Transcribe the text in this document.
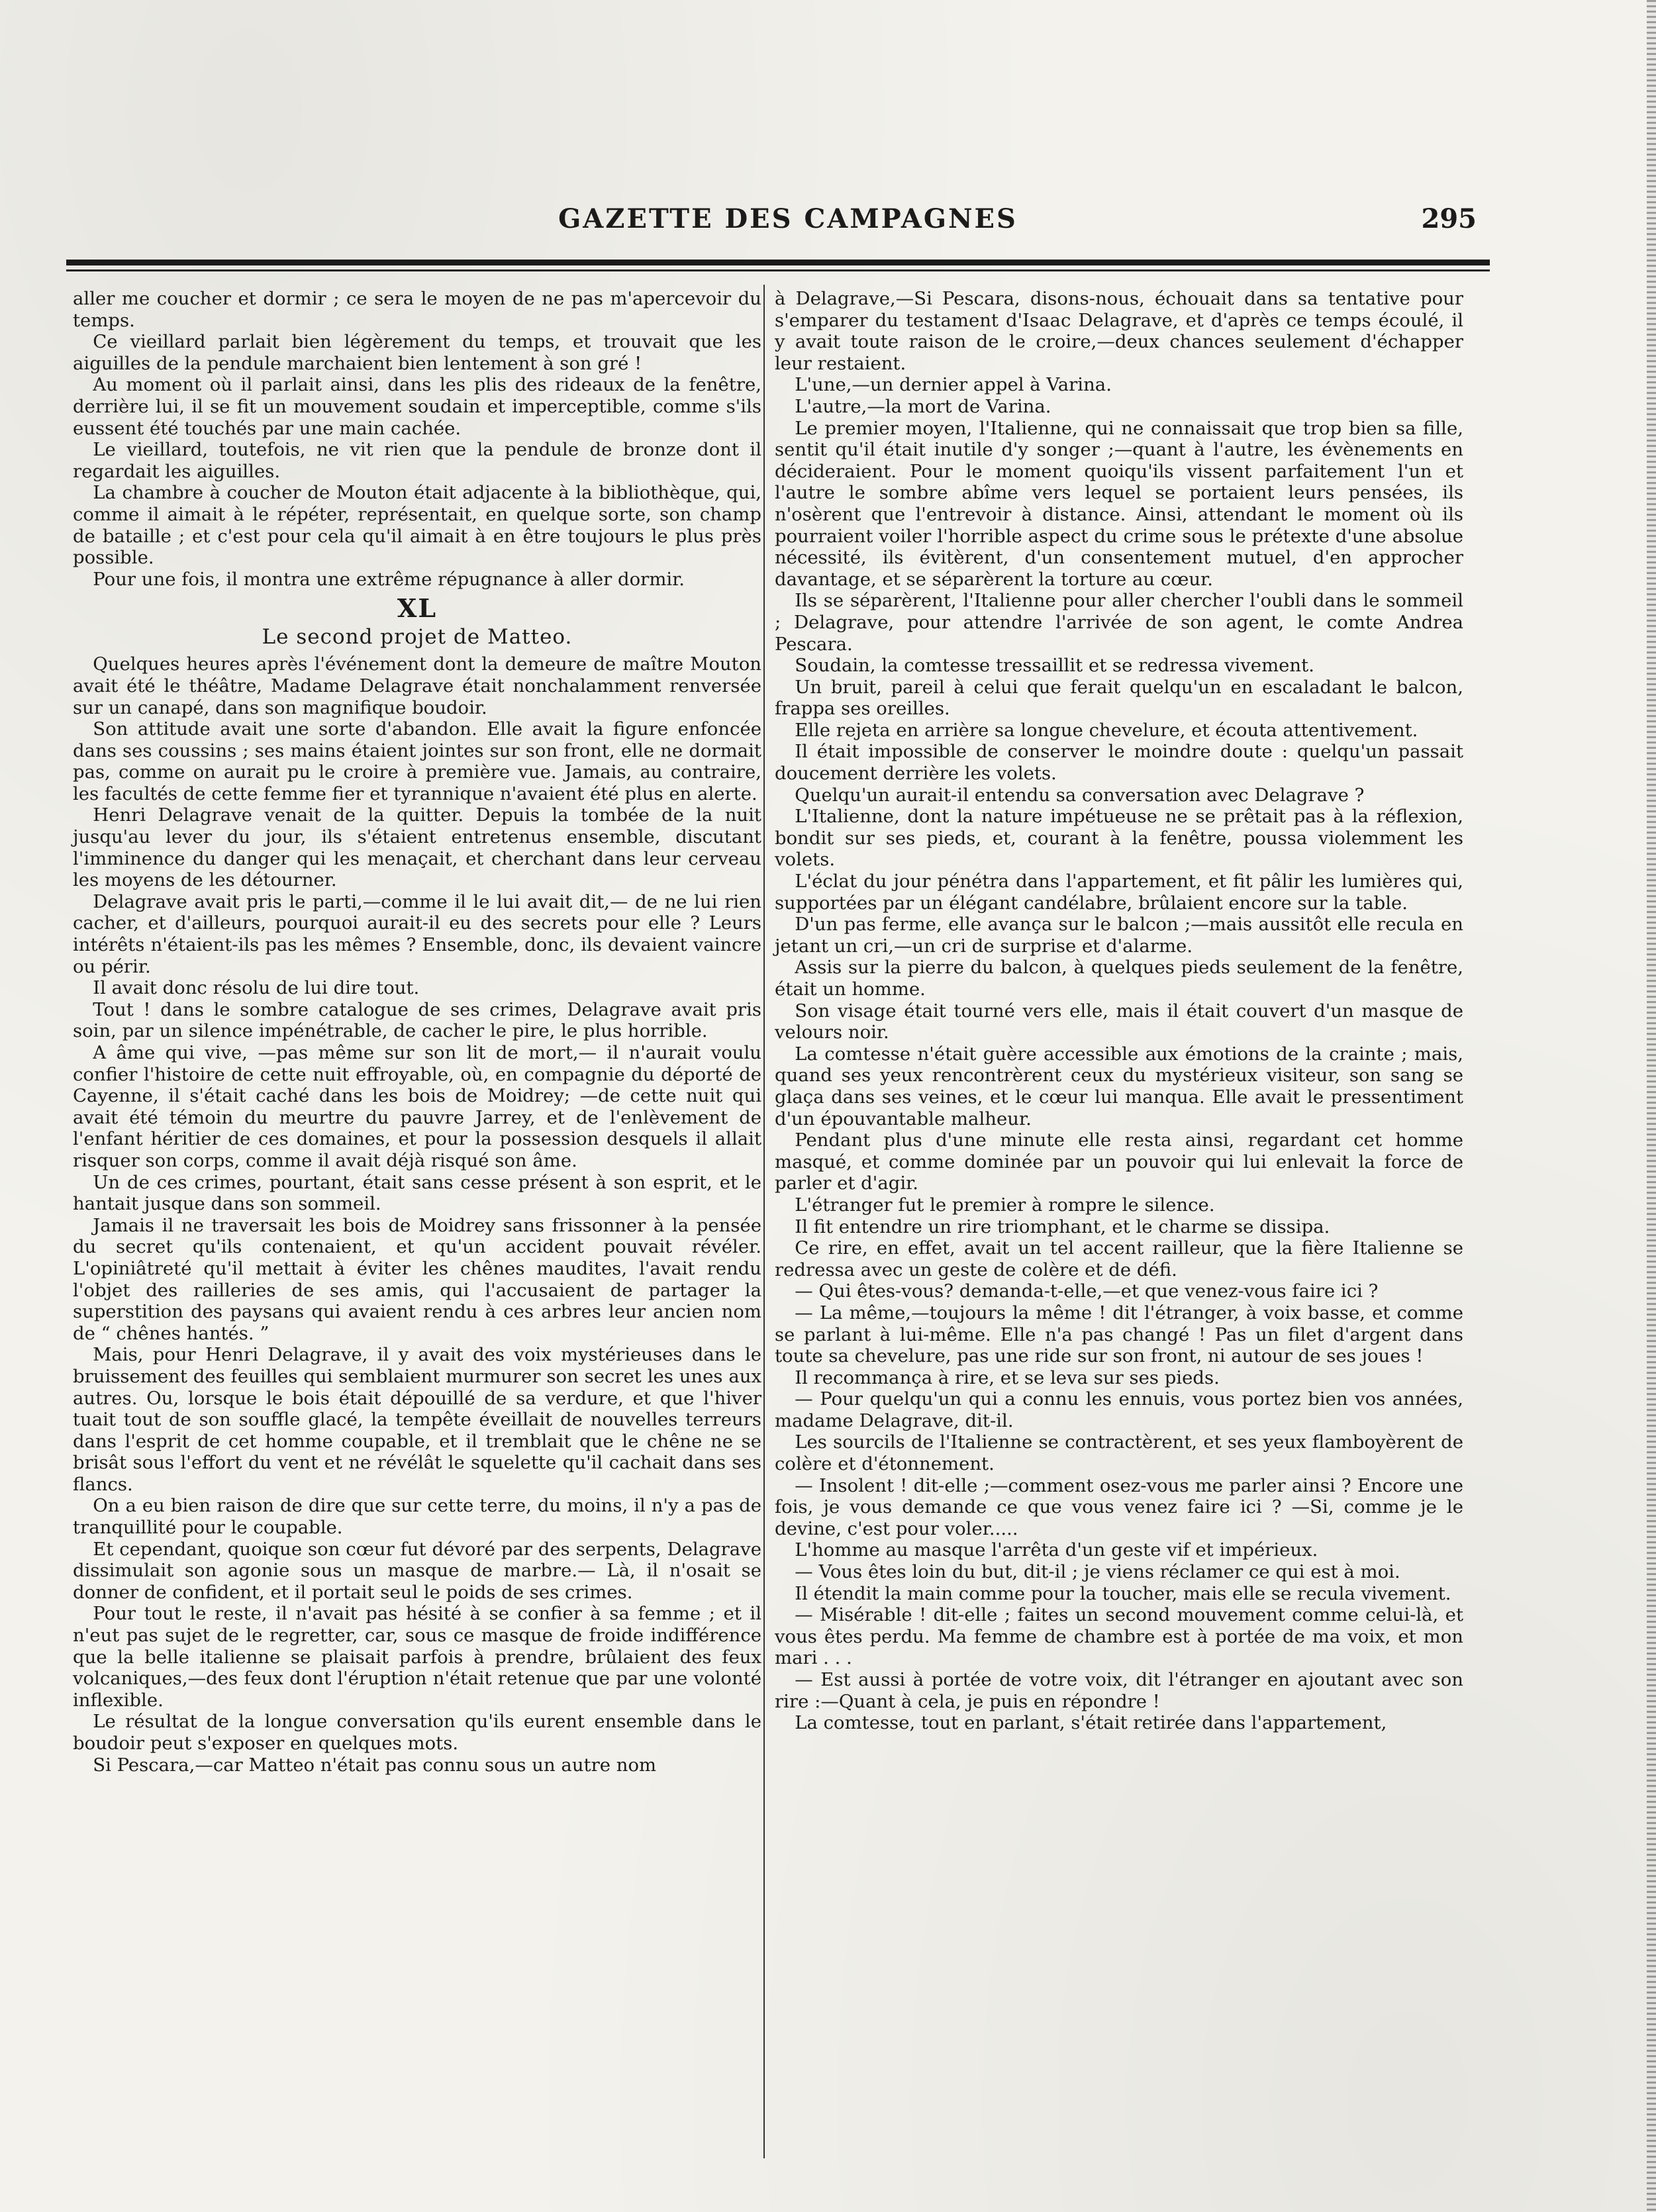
GAZETTE DES CAMPAGNES	295

aller me coucher et dormir ; ce sera le moyen de ne pas m'apercevoir du temps.

Ce vieillard parlait bien légèrement du temps, et trouvait que les aiguilles de la pendule marchaient bien lentement à son gré !

Au moment où il parlait ainsi, dans les plis des rideaux de la fenêtre, derrière lui, il se fit un mouvement soudain et imperceptible, comme s'ils eussent été touchés par une main cachée.

Le vieillard, toutefois, ne vit rien que la pendule de bronze dont il regardait les aiguilles.

La chambre à coucher de Mouton était adjacente à la bibliothèque, qui, comme il aimait à le répéter, représentait, en quelque sorte, son champ de bataille ; et c'est pour cela qu'il aimait à en être toujours le plus près possible.

Pour une fois, il montra une extrême répugnance à aller dormir.

XL
Le second projet de Matteo.

Quelques heures après l'événement dont la demeure de maître Mouton avait été le théâtre, Madame Delagrave était nonchalamment renversée sur un canapé, dans son magnifique boudoir.

Son attitude avait une sorte d'abandon. Elle avait la figure enfoncée dans ses coussins ; ses mains étaient jointes sur son front, elle ne dormait pas, comme on aurait pu le croire à première vue. Jamais, au contraire, les facultés de cette femme fier et tyrannique n'avaient été plus en alerte.

Henri Delagrave venait de la quitter. Depuis la tombée de la nuit jusqu'au lever du jour, ils s'étaient entretenus ensemble, discutant l'imminence du danger qui les menaçait, et cherchant dans leur cerveau les moyens de les détourner.

Delagrave avait pris le parti,—comme il le lui avait dit,— de ne lui rien cacher, et d'ailleurs, pourquoi aurait-il eu des secrets pour elle ? Leurs intérêts n'étaient-ils pas les mêmes ? Ensemble, donc, ils devaient vaincre ou périr.

Il avait donc résolu de lui dire tout.

Tout ! dans le sombre catalogue de ses crimes, Delagrave avait pris soin, par un silence impénétrable, de cacher le pire, le plus horrible.

A âme qui vive, —pas même sur son lit de mort,— il n'aurait voulu confier l'histoire de cette nuit effroyable, où, en compagnie du déporté de Cayenne, il s'était caché dans les bois de Moidrey; —de cette nuit qui avait été témoin du meurtre du pauvre Jarrey, et de l'enlèvement de l'enfant héritier de ces domaines, et pour la possession desquels il allait risquer son corps, comme il avait déjà risqué son âme.

Un de ces crimes, pourtant, était sans cesse présent à son esprit, et le hantait jusque dans son sommeil.

Jamais il ne traversait les bois de Moidrey sans frissonner à la pensée du secret qu'ils contenaient, et qu'un accident pouvait révéler. L'opiniâtreté qu'il mettait à éviter les chênes maudites, l'avait rendu l'objet des railleries de ses amis, qui l'accusaient de partager la superstition des paysans qui avaient rendu à ces arbres leur ancien nom de “ chênes hantés. ”

Mais, pour Henri Delagrave, il y avait des voix mystérieuses dans le bruissement des feuilles qui semblaient murmurer son secret les unes aux autres. Ou, lorsque le bois était dépouillé de sa verdure, et que l'hiver tuait tout de son souffle glacé, la tempête éveillait de nouvelles terreurs dans l'esprit de cet homme coupable, et il tremblait que le chêne ne se brisât sous l'effort du vent et ne révélât le squelette qu'il cachait dans ses flancs.

On a eu bien raison de dire que sur cette terre, du moins, il n'y a pas de tranquillité pour le coupable.

Et cependant, quoique son cœur fut dévoré par des serpents, Delagrave dissimulait son agonie sous un masque de marbre.— Là, il n'osait se donner de confident, et il portait seul le poids de ses crimes.

Pour tout le reste, il n'avait pas hésité à se confier à sa femme ; et il n'eut pas sujet de le regretter, car, sous ce masque de froide indifférence que la belle italienne se plaisait parfois à prendre, brûlaient des feux volcaniques,—des feux dont l'éruption n'était retenue que par une volonté inflexible.

Le résultat de la longue conversation qu'ils eurent ensemble dans le boudoir peut s'exposer en quelques mots.

Si Pescara,—car Matteo n'était pas connu sous un autre nom

à Delagrave,—Si Pescara, disons-nous, échouait dans sa tentative pour s'emparer du testament d'Isaac Delagrave, et d'après ce temps écoulé, il y avait toute raison de le croire,—deux chances seulement d'échapper leur restaient.

L'une,—un dernier appel à Varina.

L'autre,—la mort de Varina.

Le premier moyen, l'Italienne, qui ne connaissait que trop bien sa fille, sentit qu'il était inutile d'y songer ;—quant à l'autre, les évènements en décideraient. Pour le moment quoiqu'ils vissent parfaitement l'un et l'autre le sombre abîme vers lequel se portaient leurs pensées, ils n'osèrent que l'entrevoir à distance. Ainsi, attendant le moment où ils pourraient voiler l'horrible aspect du crime sous le prétexte d'une absolue nécessité, ils évitèrent, d'un consentement mutuel, d'en approcher davantage, et se séparèrent la torture au cœur.

Ils se séparèrent, l'Italienne pour aller chercher l'oubli dans le sommeil ; Delagrave, pour attendre l'arrivée de son agent, le comte Andrea Pescara.

Soudain, la comtesse tressaillit et se redressa vivement.

Un bruit, pareil à celui que ferait quelqu'un en escaladant le balcon, frappa ses oreilles.

Elle rejeta en arrière sa longue chevelure, et écouta attentivement.

Il était impossible de conserver le moindre doute : quelqu'un passait doucement derrière les volets.

Quelqu'un aurait-il entendu sa conversation avec Delagrave ?

L'Italienne, dont la nature impétueuse ne se prêtait pas à la réflexion, bondit sur ses pieds, et, courant à la fenêtre, poussa violemment les volets.

L'éclat du jour pénétra dans l'appartement, et fit pâlir les lumières qui, supportées par un élégant candélabre, brûlaient encore sur la table.

D'un pas ferme, elle avança sur le balcon ;—mais aussitôt elle recula en jetant un cri,—un cri de surprise et d'alarme.

Assis sur la pierre du balcon, à quelques pieds seulement de la fenêtre, était un homme.

Son visage était tourné vers elle, mais il était couvert d'un masque de velours noir.

La comtesse n'était guère accessible aux émotions de la crainte ; mais, quand ses yeux rencontrèrent ceux du mystérieux visiteur, son sang se glaça dans ses veines, et le cœur lui manqua. Elle avait le pressentiment d'un épouvantable malheur.

Pendant plus d'une minute elle resta ainsi, regardant cet homme masqué, et comme dominée par un pouvoir qui lui enlevait la force de parler et d'agir.

L'étranger fut le premier à rompre le silence.

Il fit entendre un rire triomphant, et le charme se dissipa.

Ce rire, en effet, avait un tel accent railleur, que la fière Italienne se redressa avec un geste de colère et de défi.

— Qui êtes-vous? demanda-t-elle,—et que venez-vous faire ici ?

— La même,—toujours la même ! dit l'étranger, à voix basse, et comme se parlant à lui-même. Elle n'a pas changé ! Pas un filet d'argent dans toute sa chevelure, pas une ride sur son front, ni autour de ses joues !

Il recommança à rire, et se leva sur ses pieds.

— Pour quelqu'un qui a connu les ennuis, vous portez bien vos années, madame Delagrave, dit-il.

Les sourcils de l'Italienne se contractèrent, et ses yeux flamboyèrent de colère et d'étonnement.

— Insolent ! dit-elle ;—comment osez-vous me parler ainsi ? Encore une fois, je vous demande ce que vous venez faire ici ? —Si, comme je le devine, c'est pour voler.....

L'homme au masque l'arrêta d'un geste vif et impérieux.

— Vous êtes loin du but, dit-il ; je viens réclamer ce qui est à moi.

Il étendit la main comme pour la toucher, mais elle se recula vivement.

— Misérable ! dit-elle ; faites un second mouvement comme celui-là, et vous êtes perdu. Ma femme de chambre est à portée de ma voix, et mon mari . . .

— Est aussi à portée de votre voix, dit l'étranger en ajoutant avec son rire :—Quant à cela, je puis en répondre !

La comtesse, tout en parlant, s'était retirée dans l'appartement,
